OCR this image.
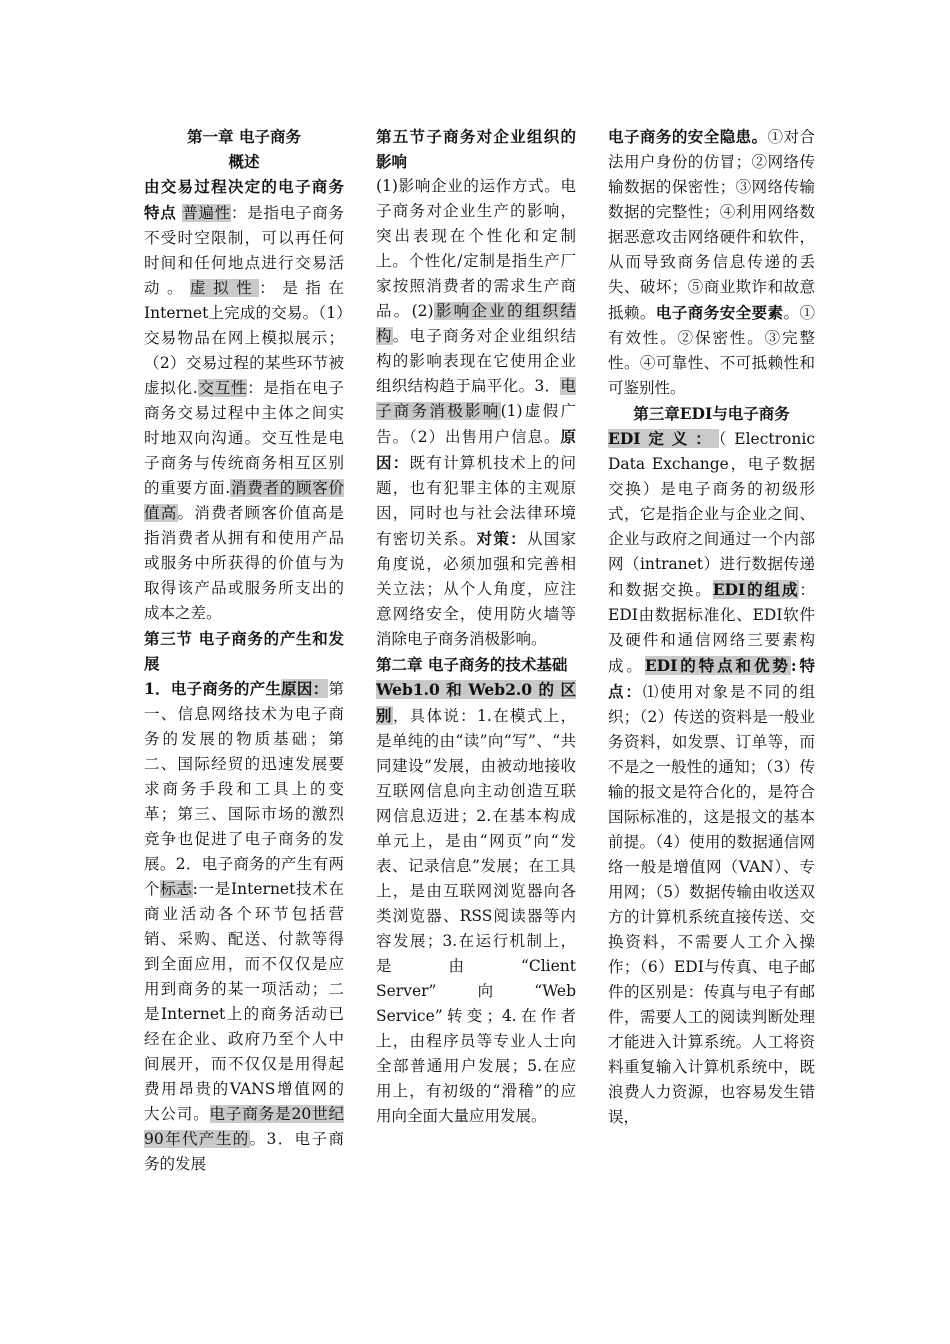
第一章 电子商务

概述

由交易过程决定的电子商务特点 普遍性：是指电子商务不受时空限制，可以再任何时间和任何地点进行交易活动。虚拟性：是指在Internet上完成的交易。（1）交易物品在网上模拟展示；（2）交易过程的某些环节被虚拟化.交互性：是指在电子商务交易过程中主体之间实时地双向沟通。交互性是电子商务与传统商务相互区别的重要方面.消费者的顾客价值高。消费者顾客价值高是指消费者从拥有和使用产品或服务中所获得的价值与为取得该产品或服务所支出的成本之差。

第三节 电子商务的产生和发展

1．电子商务的产生原因：第一、信息网络技术为电子商务的发展的物质基础；第二、国际经贸的迅速发展要求商务手段和工具上的变革；第三、国际市场的激烈竞争也促进了电子商务的发展。2．电子商务的产生有两个标志:一是Internet技术在商业活动各个环节包括营销、采购、配送、付款等得到全面应用，而不仅仅是应用到商务的某一项活动；二是Internet上的商务活动已经在企业、政府乃至个人中间展开，而不仅仅是用得起费用昂贵的VANS增值网的大公司。电子商务是20世纪90年代产生的。3．电子商务的发展

第五节子商务对企业组织的影响

(1)影响企业的运作方式。电子商务对企业生产的影响，突出表现在个性化和定制上。个性化/定制是指生产厂家按照消费者的需求生产商品。(2)影响企业的组织结构。电子商务对企业组织结构的影响表现在它使用企业组织结构趋于扁平化。3．电子商务消极影响(1)虚假广告。（2）出售用户信息。原因：既有计算机技术上的问题，也有犯罪主体的主观原因，同时也与社会法律环境有密切关系。对策：从国家角度说，必须加强和完善相关立法；从个人角度，应注意网络安全，使用防火墙等消除电子商务消极影响。

第二章 电子商务的技术基础

Web1.0和Web2.0的区别，具体说：1.在模式上，是单纯的由“读”向“写”、“共同建设”发展，由被动地接收互联网信息向主动创造互联网信息迈进；2.在基本构成单元上，是由“网页”向“发表、记录信息”发展；在工具上，是由互联网浏览器向各类浏览器、RSS阅读器等内容发展；3.在运行机制上，是由“Client Server”向“Web Service”转变；4.在作者上，由程序员等专业人士向全部普通用户发展；5.在应用上，有初级的“滑稽”的应用向全面大量应用发展。

电子商务的安全隐患。①对合法用户身份的仿冒；②网络传输数据的保密性；③网络传输数据的完整性；④利用网络数据恶意攻击网络硬件和软件，从而导致商务信息传递的丢失、破坏；⑤商业欺诈和故意抵赖。电子商务安全要素。①有效性。②保密性。③完整性。④可靠性、不可抵赖性和可鉴别性。

第三章EDI与电子商务

EDI定义：（Electronic Data Exchange，电子数据交换）是电子商务的初级形式，它是指企业与企业之间、企业与政府之间通过一个内部网（intranet）进行数据传递和数据交换。EDI的组成：EDI由数据标准化、EDI软件及硬件和通信网络三要素构成。EDI的特点和优势:特点：⑴使用对象是不同的组织；（2）传送的资料是一般业务资料，如发票、订单等，而不是之一般性的通知；（3）传输的报文是符合化的，是符合国际标准的，这是报文的基本前提。（4）使用的数据通信网络一般是增值网（VAN）、专用网；（5）数据传输由收送双方的计算机系统直接传送、交换资料，不需要人工介入操作；（6）EDI与传真、电子邮件的区别是：传真与电子有邮件，需要人工的阅读判断处理才能进入计算系统。人工将资料重复输入计算机系统中，既浪费人力资源，也容易发生错误，
